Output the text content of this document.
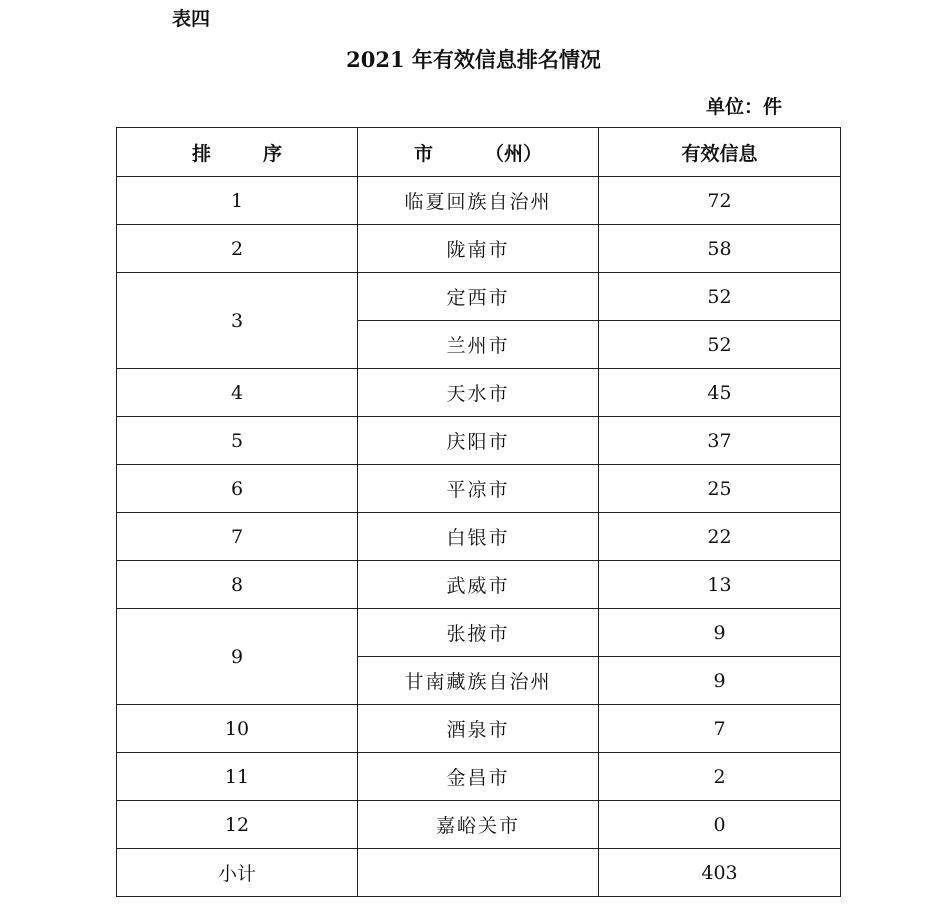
表四
2021 年有效信息排名情况
单位：件
排 序	市 （州）	有效信息
1	临夏回族自治州	72
2	陇南市	58
3	定西市	52
	兰州市	52
4	天水市	45
5	庆阳市	37
6	平凉市	25
7	白银市	22
8	武威市	13
9	张掖市	9
	甘南藏族自治州	9
10	酒泉市	7
11	金昌市	2
12	嘉峪关市	0
小计		403
